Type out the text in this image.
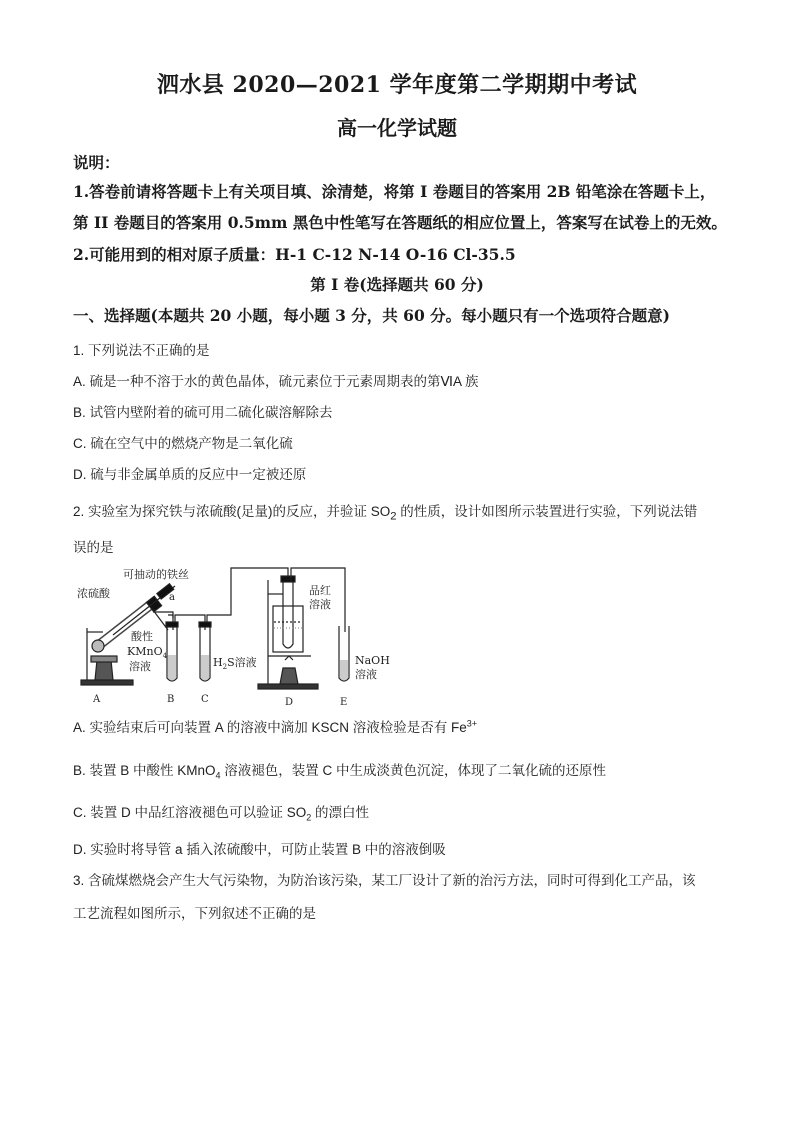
泗水县 2020—2021 学年度第二学期期中考试
高一化学试题
说明：
1.答卷前请将答题卡上有关项目填、涂清楚，将第 I 卷题目的答案用 2B 铅笔涂在答题卡上，
第 II 卷题目的答案用 0.5mm 黑色中性笔写在答题纸的相应位置上，答案写在试卷上的无效。
2.可能用到的相对原子质量：H-1 C-12 N-14 O-16 Cl-35.5
第 I 卷(选择题共 60 分)
一、选择题(本题共 20 小题，每小题 3 分，共 60 分。每小题只有一个选项符合题意)
1. 下列说法不正确的是
A. 硫是一种不溶于水的黄色晶体，硫元素位于元素周期表的第ⅥA 族
B. 试管内壁附着的硫可用二硫化碳溶解除去
C. 硫在空气中的燃烧产物是二氧化硫
D. 硫与非金属单质的反应中一定被还原
2. 实验室为探究铁与浓硫酸(足量)的反应，并验证 $SO_2$ 的性质，设计如图所示装置进行实验，下列说法错
误的是
浓硫酸
可抽动的铁丝
a
酸性
KMnO$_4$
溶液	$H_2S$溶液
品红
溶液
NaOH
溶液
A	B	C	D	E
A. 实验结束后可向装置 A 的溶液中滴加 KSCN 溶液检验是否有 $Fe^{3+}$
B. 装置 B 中酸性 KMnO$_4$ 溶液褪色，装置 C 中生成淡黄色沉淀，体现了二氧化硫的还原性
C. 装置 D 中品红溶液褪色可以验证 $SO_2$ 的漂白性
D. 实验时将导管 a 插入浓硫酸中，可防止装置 B 中的溶液倒吸
3. 含硫煤燃烧会产生大气污染物，为防治该污染，某工厂设计了新的治污方法，同时可得到化工产品，该
工艺流程如图所示，下列叙述不正确的是
